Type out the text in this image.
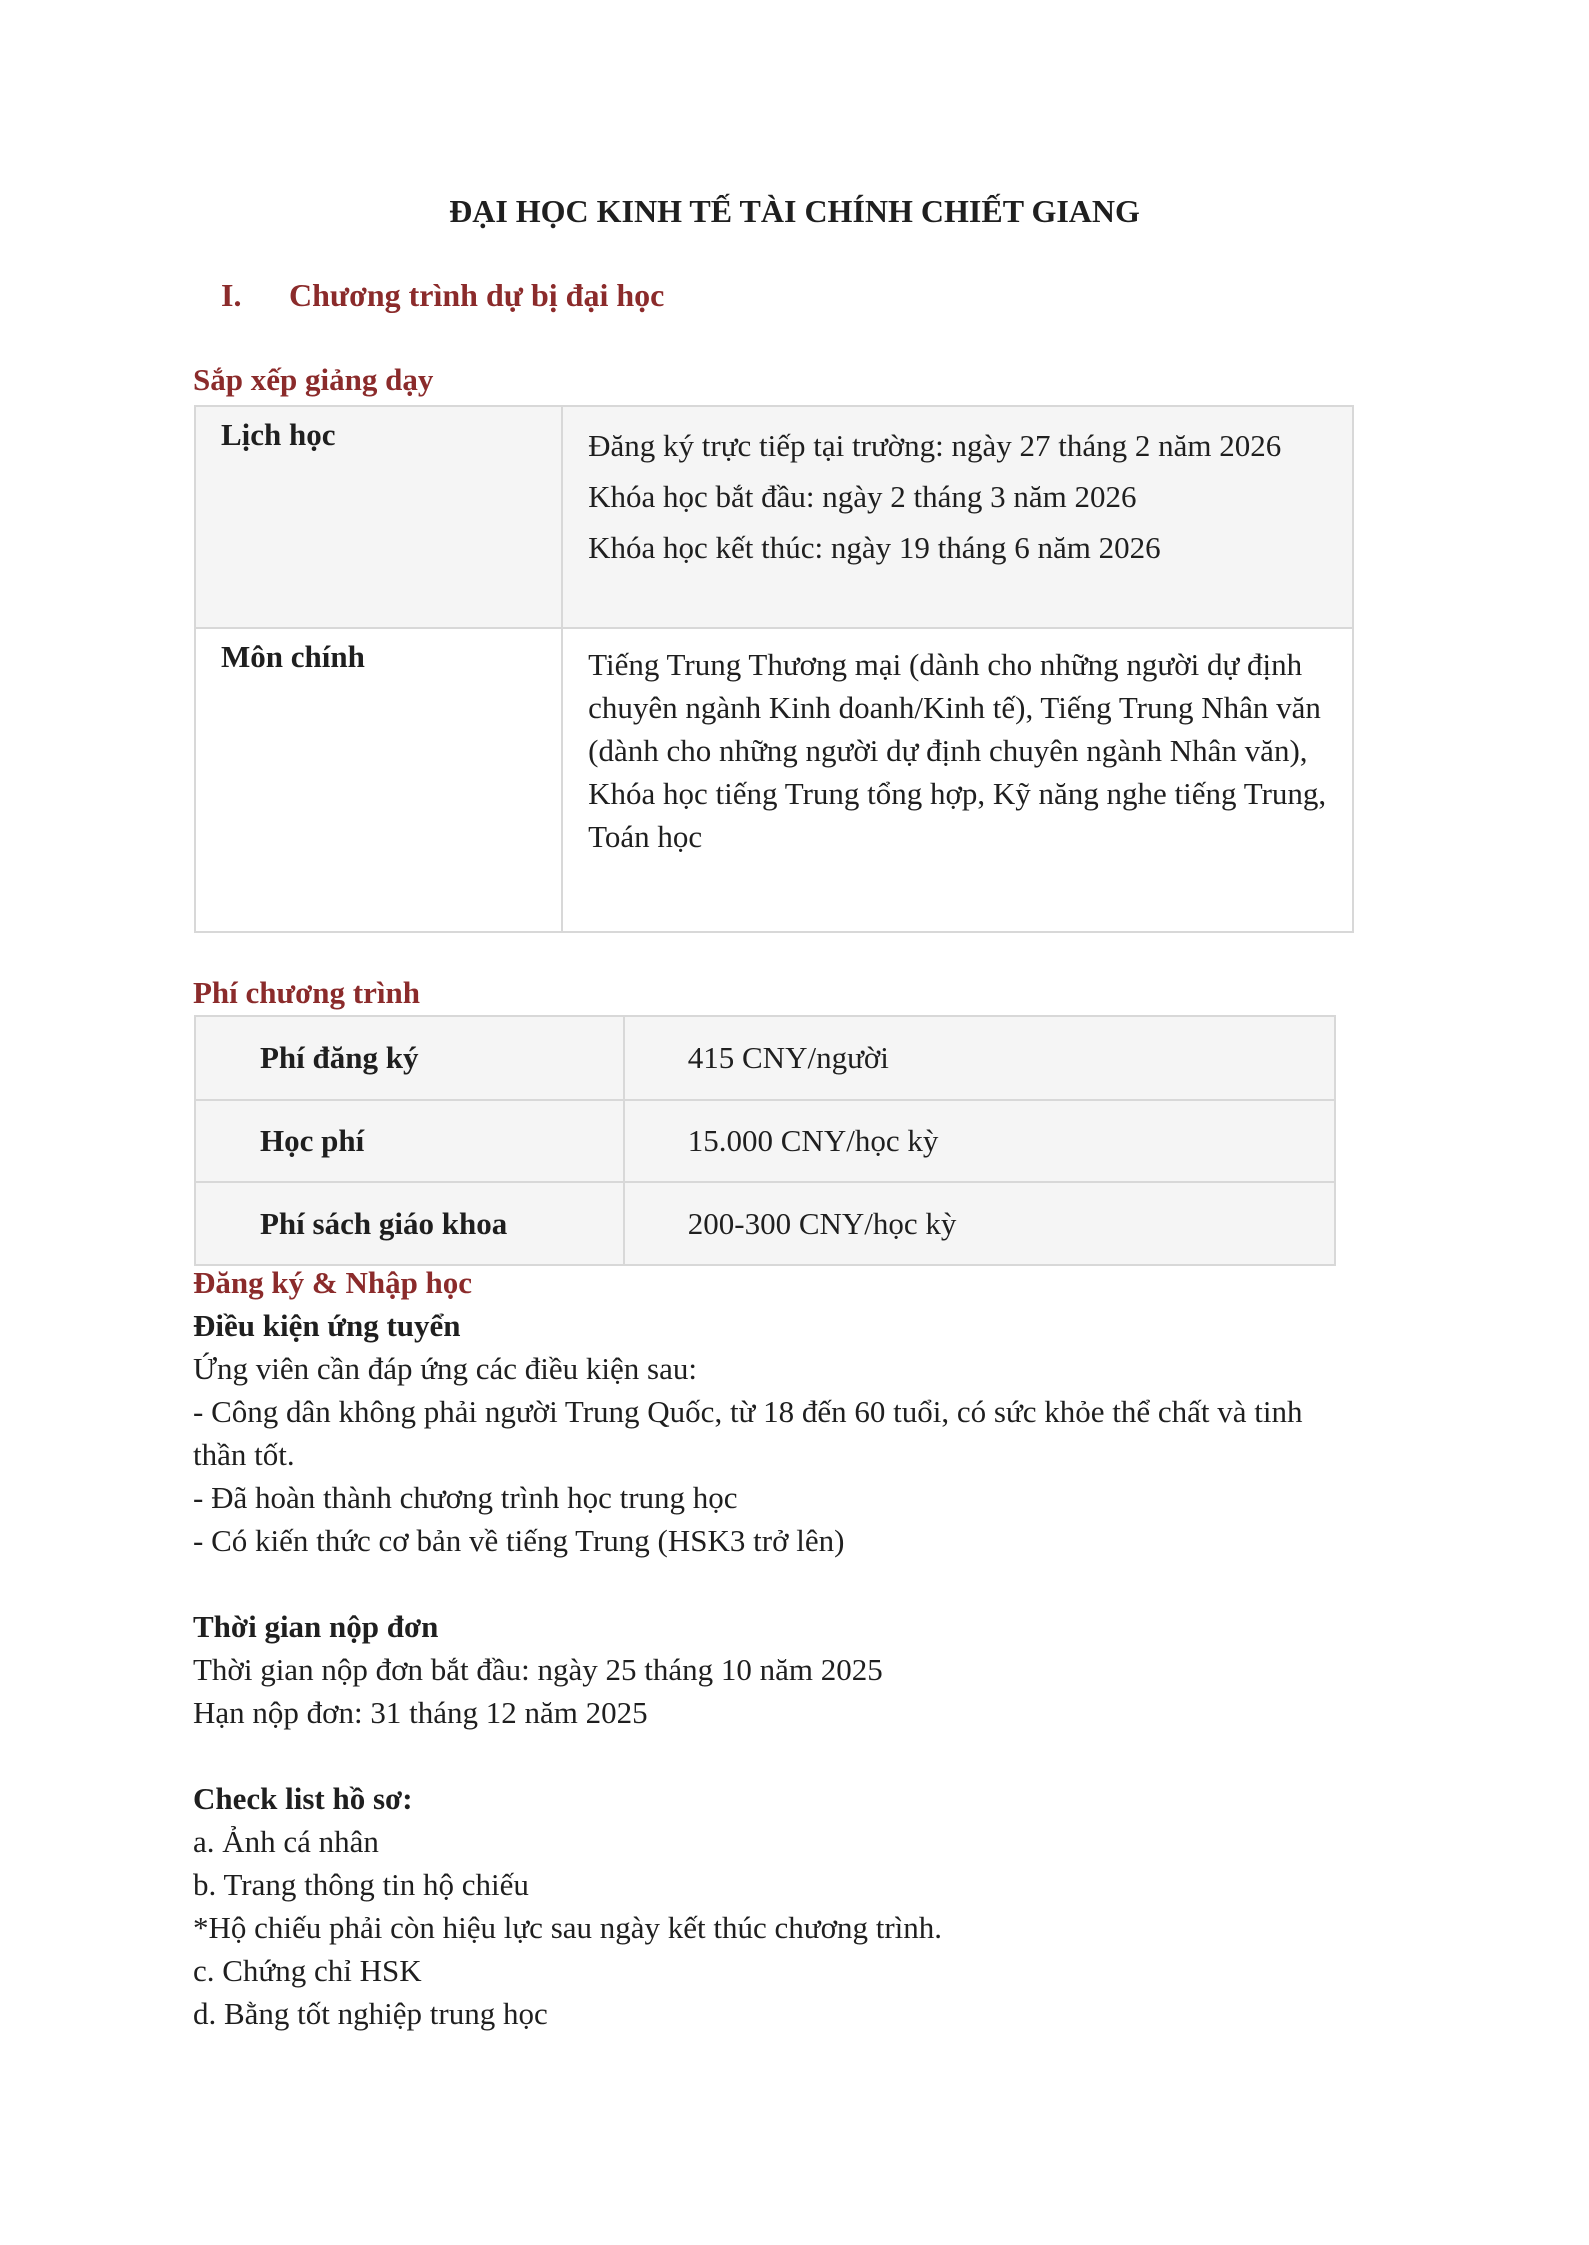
ĐẠI HỌC KINH TẾ TÀI CHÍNH CHIẾT GIANG
I. Chương trình dự bị đại học
Sắp xếp giảng dạy
Lịch học	Đăng ký trực tiếp tại trường: ngày 27 tháng 2 năm 2026
Khóa học bắt đầu: ngày 2 tháng 3 năm 2026
Khóa học kết thúc: ngày 19 tháng 6 năm 2026

Môn chính	Tiếng Trung Thương mại (dành cho những người dự định chuyên ngành Kinh doanh/Kinh tế), Tiếng Trung Nhân văn (dành cho những người dự định chuyên ngành Nhân văn), Khóa học tiếng Trung tổng hợp, Kỹ năng nghe tiếng Trung, Toán học
Phí chương trình
Phí đăng ký	415 CNY/người

Học phí	15.000 CNY/học kỳ

Phí sách giáo khoa	200-300 CNY/học kỳ
Đăng ký & Nhập học
Điều kiện ứng tuyển
Ứng viên cần đáp ứng các điều kiện sau:
- Công dân không phải người Trung Quốc, từ 18 đến 60 tuổi, có sức khỏe thể chất và tinh
thần tốt.
- Đã hoàn thành chương trình học trung học
- Có kiến thức cơ bản về tiếng Trung (HSK3 trở lên)
Thời gian nộp đơn
Thời gian nộp đơn bắt đầu: ngày 25 tháng 10 năm 2025
Hạn nộp đơn: 31 tháng 12 năm 2025
Check list hồ sơ:
a. Ảnh cá nhân
b. Trang thông tin hộ chiếu
*Hộ chiếu phải còn hiệu lực sau ngày kết thúc chương trình.
c. Chứng chỉ HSK
d. Bằng tốt nghiệp trung học
